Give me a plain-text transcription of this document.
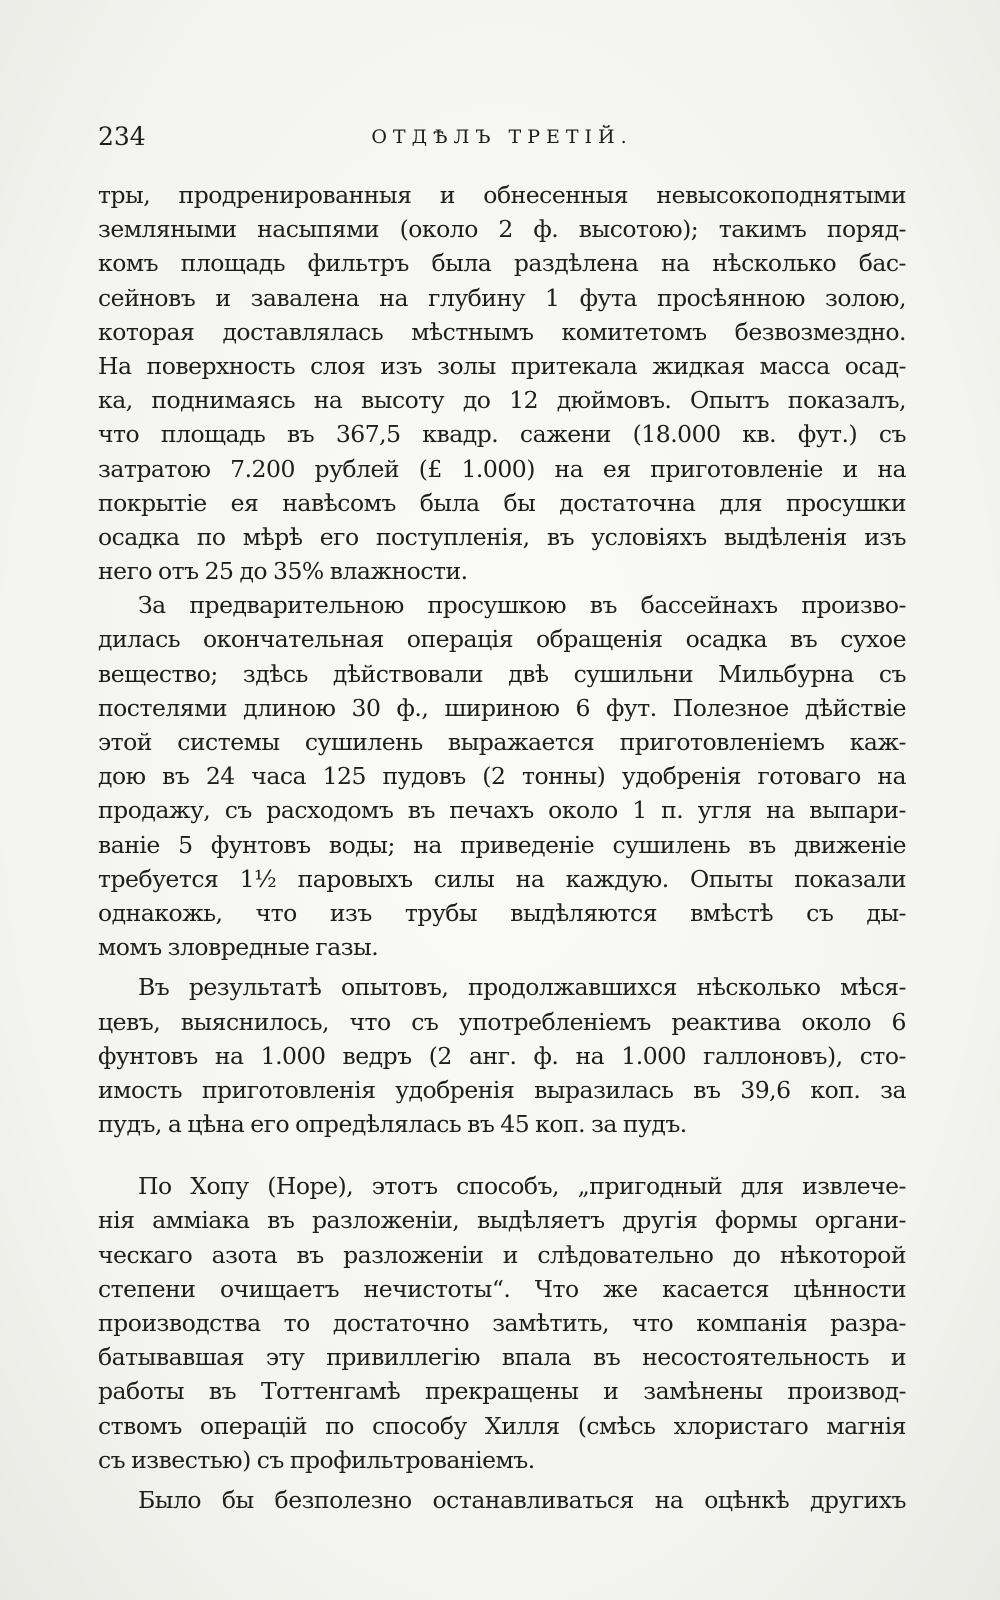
234	ОТДѢЛЪ ТРЕТІЙ.
тры, продренированныя и обнесенныя невысокоподнятыми
земляными насыпями (около 2 ф. высотою); такимъ поряд-
комъ площадь фильтръ была раздѣлена на нѣсколько бас-
сейновъ и завалена на глубину 1 фута просѣянною золою,
которая доставлялась мѣстнымъ комитетомъ безвозмездно.
На поверхность слоя изъ золы притекала жидкая масса осад-
ка, поднимаясь на высоту до 12 дюймовъ. Опытъ показалъ,
что площадь въ 367,5 квадр. сажени (18.000 кв. фут.) съ
затратою 7.200 рублей (£ 1.000) на ея приготовленіе и на
покрытіе ея навѣсомъ была бы достаточна для просушки
осадка по мѣрѣ его поступленія, въ условіяхъ выдѣленія изъ
него отъ 25 до 35% влажности.
За предварительною просушкою въ бассейнахъ произво-
дилась окончательная операція обращенія осадка въ сухое
вещество; здѣсь дѣйствовали двѣ сушильни Мильбурна съ
постелями длиною 30 ф., шириною 6 фут. Полезное дѣйствіе
этой системы сушилень выражается приготовленіемъ каж-
дою въ 24 часа 125 пудовъ (2 тонны) удобренія готоваго на
продажу, съ расходомъ въ печахъ около 1 п. угля на выпари-
ваніе 5 фунтовъ воды; на приведеніе сушилень въ движеніе
требуется 1½ паровыхъ силы на каждую. Опыты показали
однакожь, что изъ трубы выдѣляются вмѣстѣ съ ды-
момъ зловредные газы.
Въ результатѣ опытовъ, продолжавшихся нѣсколько мѣся-
цевъ, выяснилось, что съ употребленіемъ реактива около 6
фунтовъ на 1.000 ведръ (2 анг. ф. на 1.000 галлоновъ), сто-
имость приготовленія удобренія выразилась въ 39,6 коп. за
пудъ, а цѣна его опредѣлялась въ 45 коп. за пудъ.
По Хопу (Hope), этотъ способъ, „пригодный для извлече-
нія аммiака въ разложеніи, выдѣляетъ другія формы органи-
ческаго азота въ разложеніи и слѣдовательно до нѣкоторой
степени очищаетъ нечистоты“. Что же касается цѣнности
производства то достаточно замѣтить, что компанія разра-
батывавшая эту привиллегію впала въ несостоятельность и
работы въ Тоттенгамѣ прекращены и замѣнены производ-
ствомъ операцій по способу Хилля (смѣсь хлористаго магнія
съ известью) съ профильтрованіемъ.
Было бы безполезно останавливаться на оцѣнкѣ другихъ
